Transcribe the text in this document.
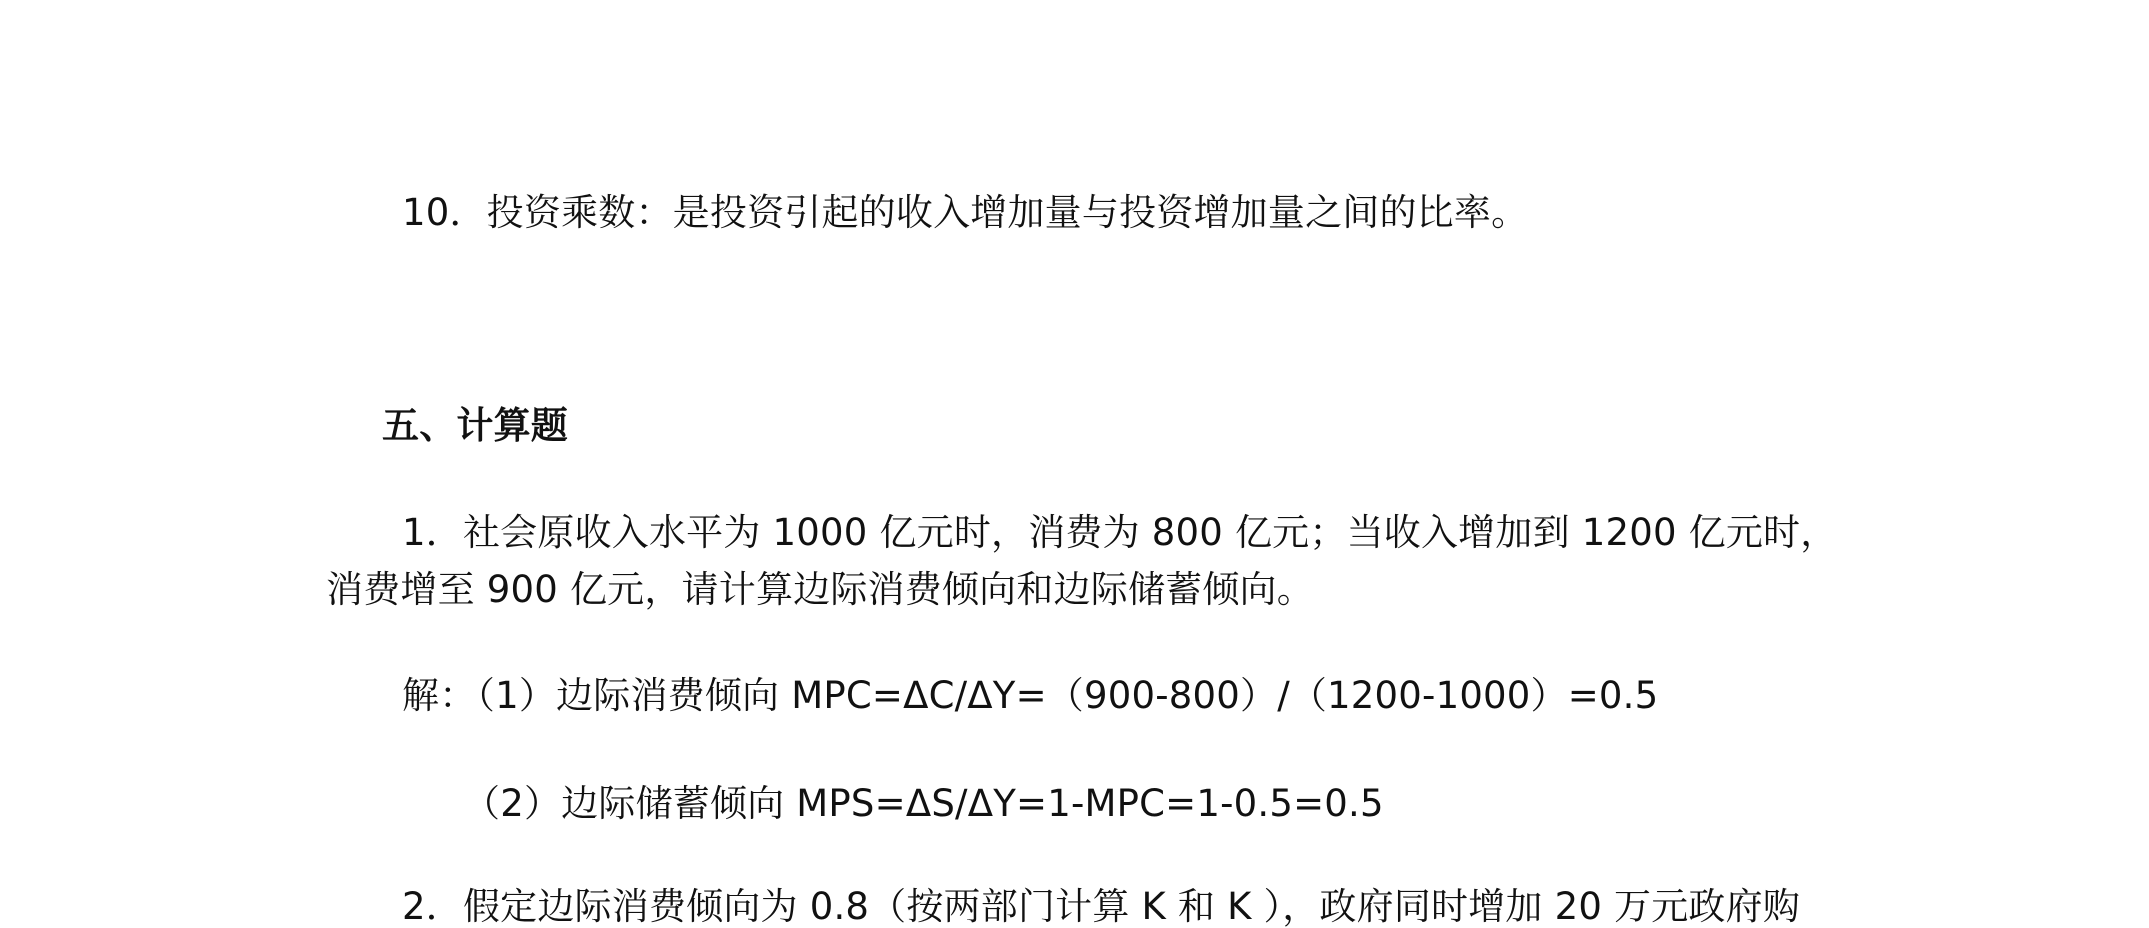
10．投资乘数：是投资引起的收入增加量与投资增加量之间的比率。
五、计算题
1．社会原收入水平为 1000 亿元时，消费为 800 亿元；当收入增加到 1200 亿元时，
消费增至 900 亿元，请计算边际消费倾向和边际储蓄倾向。
解：（1）边际消费倾向 MPC=ΔC/ΔY=（900-800）/（1200-1000）=0.5
（2）边际储蓄倾向 MPS=ΔS/ΔY=1-MPC=1-0.5=0.5
2．假定边际消费倾向为 0.8（按两部门计算 K 和 K ），政府同时增加 20 万元政府购
